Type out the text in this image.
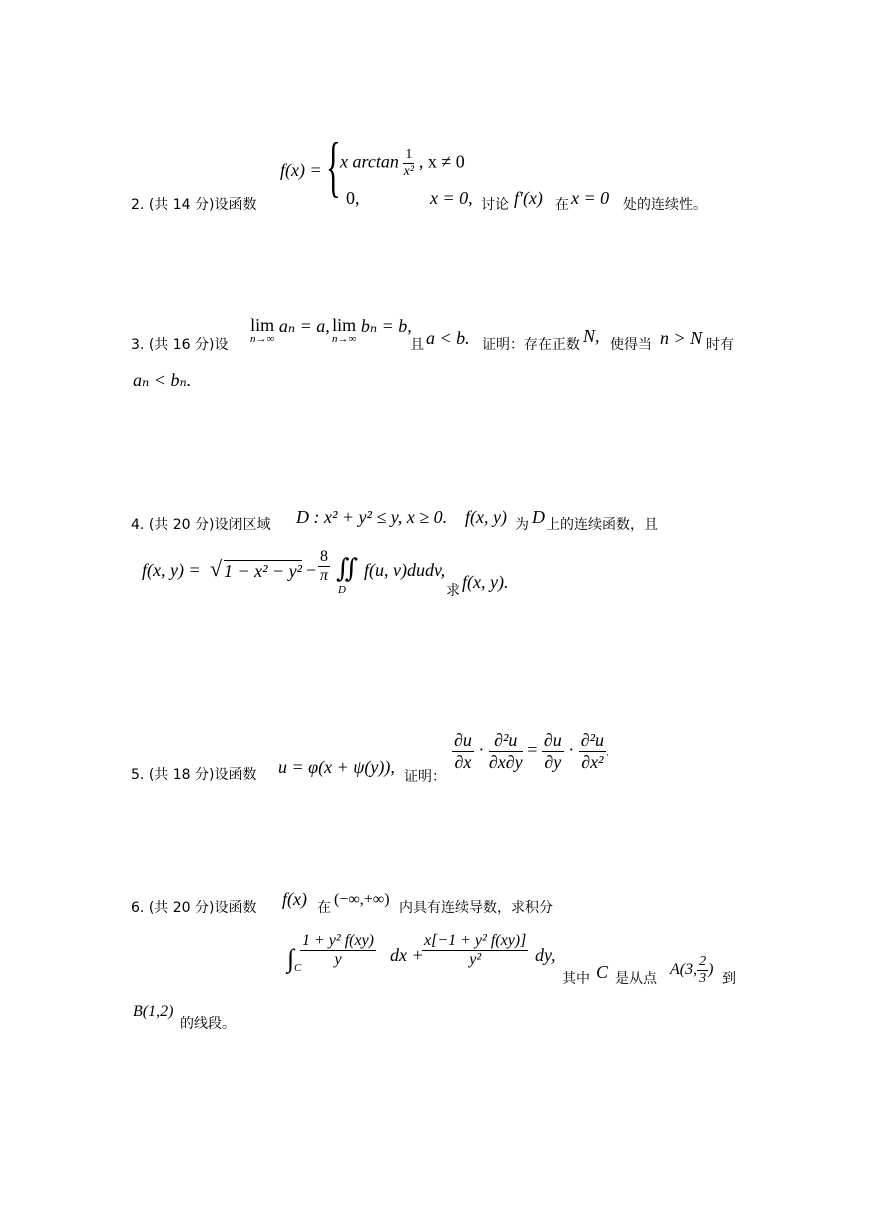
2. (共 14 分)设函数
f(x) = { x $\arctan \frac{1}{\text{x²}}$ , x ≠ 0
0,	x = 0, 讨论 f′(x) 在 x = 0 处的连续性。
3. (共 16 分)设
lim
n→∞
aₙ = a, lim
n→∞
bₙ = b,
且 a < b. 证明：存在正数 N, 使得当 n > N 时有
aₙ < bₙ.
4. (共 20 分)设闭区域 D : x² + y² ≤ y, x ≥ 0. f(x, y) 为 D 上的连续函数，且
f(x, y) = √ $1 - x^2 - y^2 - \frac{8}{\pi}$ ∬
D
f(u, v)dudv,
求 f(x, y).
5. (共 18 分)设函数 u = φ(x + ψ(y)), 证明：
$\frac{\partial u}{\partial x} \cdot \frac{\text{∂²u}}{\partial x\partial y} = \frac{\partial u}{\partial y} \cdot \frac{\text{∂²u}}{\text{∂x²}}$ .
6. (共 20 分)设函数 f(x) 在 (−∞,+∞) 内具有连续导数，求积分
∫ C
$\frac{\text{1 + y² f(xy)}}{y}$ dx +
$\frac{\text{x[−1 + y² f(xy)]}}{\text{y²}}$ dy,
其中 C 是从点
A(3, $\frac{2}{3}$ )
到
B(1,2)
的线段。
